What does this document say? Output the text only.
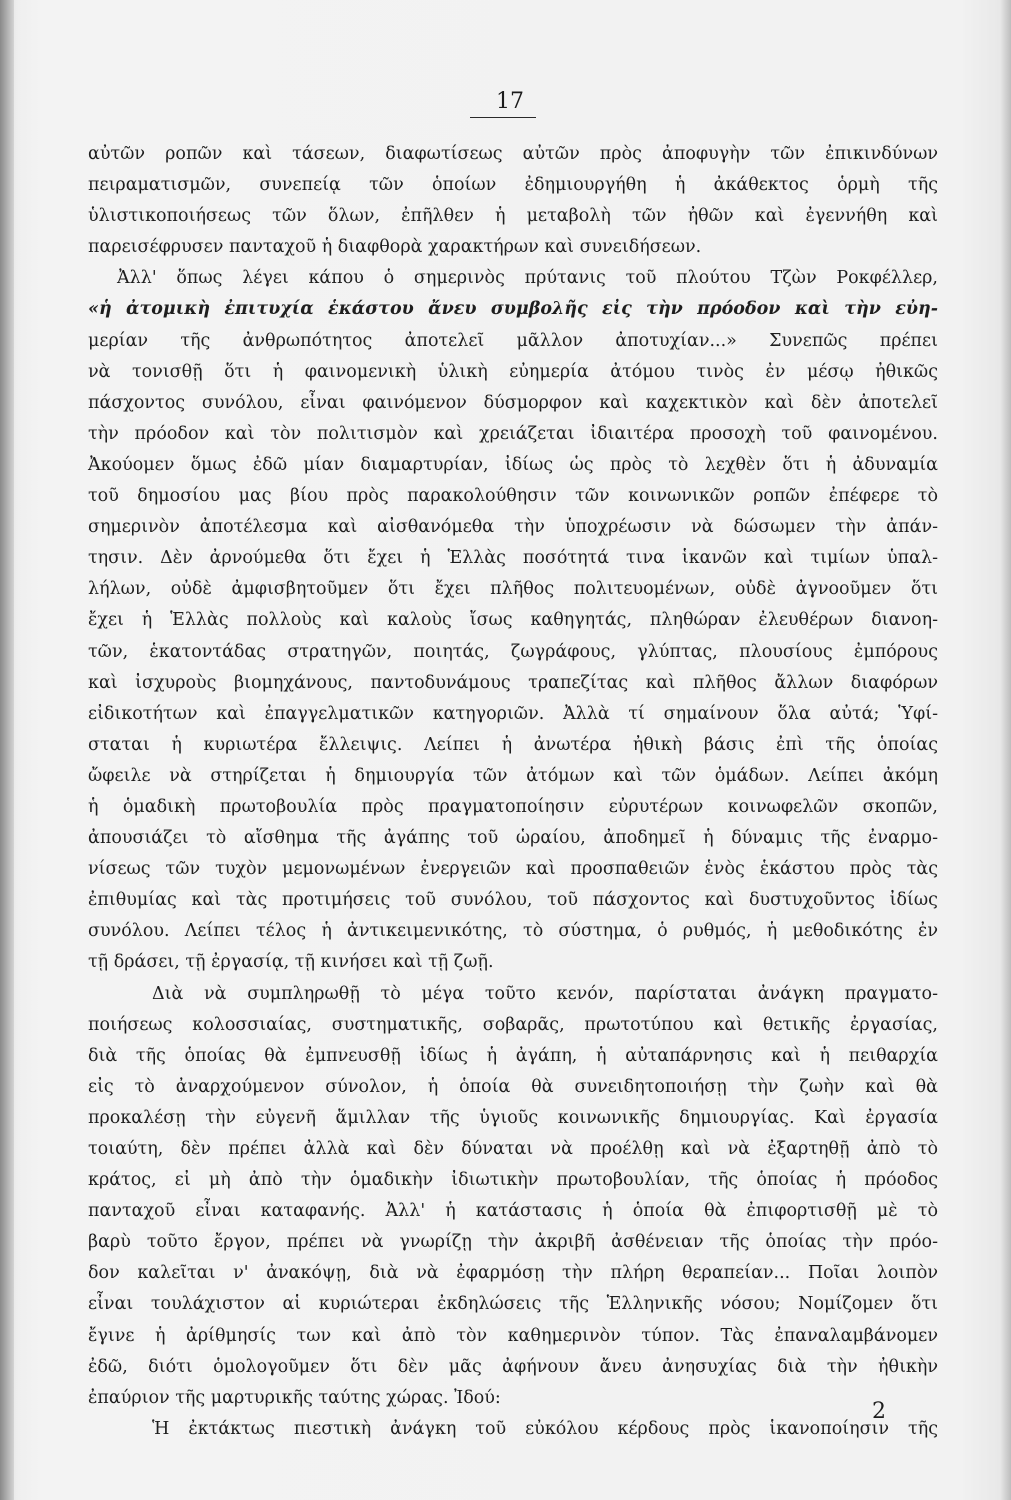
17
αὐτῶν ροπῶν καὶ τάσεων, διαφωτίσεως αὐτῶν πρὸς ἀποφυγὴν τῶν ἐπικινδύνων
πειραματισμῶν, συνεπείᾳ τῶν ὁποίων ἐδημιουργήθη ἡ ἀκάθεκτος ὁρμὴ τῆς
ὑλιστικοποιήσεως τῶν ὅλων, ἐπῆλθεν ἡ μεταβολὴ τῶν ἠθῶν καὶ ἐγεννήθη καὶ
παρεισέφρυσεν πανταχοῦ ἡ διαφθορὰ χαρακτήρων καὶ συνειδήσεων.
Ἀλλ' ὅπως λέγει κάπου ὁ σημερινὸς πρύτανις τοῦ πλούτου Τζὼν Ροκφέλλερ,
«ἡ ἀτομικὴ ἐπιτυχία ἑκάστου ἄνευ συμβολῆς εἰς τὴν πρόοδον καὶ τὴν εὐη-
μερίαν τῆς ἀνθρωπότητος ἀποτελεῖ μᾶλλον ἀποτυχίαν...» Συνεπῶς πρέπει
νὰ τονισθῇ ὅτι ἡ φαινομενικὴ ὑλικὴ εὐημερία ἀτόμου τινὸς ἐν μέσῳ ἠθικῶς
πάσχοντος συνόλου, εἶναι φαινόμενον δύσμορφον καὶ καχεκτικὸν καὶ δὲν ἀποτελεῖ
τὴν πρόοδον καὶ τὸν πολιτισμὸν καὶ χρειάζεται ἰδιαιτέρα προσοχὴ τοῦ φαινομένου.
Ἀκούομεν ὅμως ἐδῶ μίαν διαμαρτυρίαν, ἰδίως ὡς πρὸς τὸ λεχθὲν ὅτι ἡ ἀδυναμία
τοῦ δημοσίου μας βίου πρὸς παρακολούθησιν τῶν κοινωνικῶν ροπῶν ἐπέφερε τὸ
σημερινὸν ἀποτέλεσμα καὶ αἰσθανόμεθα τὴν ὑποχρέωσιν νὰ δώσωμεν τὴν ἀπάν-
τησιν. Δὲν ἀρνούμεθα ὅτι ἔχει ἡ Ἑλλὰς ποσότητά τινα ἱκανῶν καὶ τιμίων ὑπαλ-
λήλων, οὐδὲ ἀμφισβητοῦμεν ὅτι ἔχει πλῆθος πολιτευομένων, οὐδὲ ἀγνοοῦμεν ὅτι
ἔχει ἡ Ἑλλὰς πολλοὺς καὶ καλοὺς ἴσως καθηγητάς, πληθώραν ἐλευθέρων διανοη-
τῶν, ἑκατοντάδας στρατηγῶν, ποιητάς, ζωγράφους, γλύπτας, πλουσίους ἐμπόρους
καὶ ἰσχυροὺς βιομηχάνους, παντοδυνάμους τραπεζίτας καὶ πλῆθος ἄλλων διαφόρων
εἰδικοτήτων καὶ ἐπαγγελματικῶν κατηγοριῶν. Ἀλλὰ τί σημαίνουν ὅλα αὐτά; Ὑφί-
σταται ἡ κυριωτέρα ἔλλειψις. Λείπει ἡ ἀνωτέρα ἠθικὴ βάσις ἐπὶ τῆς ὁποίας
ὤφειλε νὰ στηρίζεται ἡ δημιουργία τῶν ἀτόμων καὶ τῶν ὁμάδων. Λείπει ἀκόμη
ἡ ὁμαδικὴ πρωτοβουλία πρὸς πραγματοποίησιν εὐρυτέρων κοινωφελῶν σκοπῶν,
ἀπουσιάζει τὸ αἴσθημα τῆς ἀγάπης τοῦ ὡραίου, ἀποδημεῖ ἡ δύναμις τῆς ἐναρμο-
νίσεως τῶν τυχὸν μεμονωμένων ἐνεργειῶν καὶ προσπαθειῶν ἑνὸς ἑκάστου πρὸς τὰς
ἐπιθυμίας καὶ τὰς προτιμήσεις τοῦ συνόλου, τοῦ πάσχοντος καὶ δυστυχοῦντος ἰδίως
συνόλου. Λείπει τέλος ἡ ἀντικειμενικότης, τὸ σύστημα, ὁ ρυθμός, ἡ μεθοδικότης ἐν
τῇ δράσει, τῇ ἐργασίᾳ, τῇ κινήσει καὶ τῇ ζωῇ.
Διὰ νὰ συμπληρωθῇ τὸ μέγα τοῦτο κενόν, παρίσταται ἀνάγκη πραγματο-
ποιήσεως κολοσσιαίας, συστηματικῆς, σοβαρᾶς, πρωτοτύπου καὶ θετικῆς ἐργασίας,
διὰ τῆς ὁποίας θὰ ἐμπνευσθῇ ἰδίως ἡ ἀγάπη, ἡ αὐταπάρνησις καὶ ἡ πειθαρχία
εἰς τὸ ἀναρχούμενον σύνολον, ἡ ὁποία θὰ συνειδητοποιήσῃ τὴν ζωὴν καὶ θὰ
προκαλέσῃ τὴν εὐγενῆ ἅμιλλαν τῆς ὑγιοῦς κοινωνικῆς δημιουργίας. Καὶ ἐργασία
τοιαύτη, δὲν πρέπει ἀλλὰ καὶ δὲν δύναται νὰ προέλθῃ καὶ νὰ ἐξαρτηθῇ ἀπὸ τὸ
κράτος, εἰ μὴ ἀπὸ τὴν ὁμαδικὴν ἰδιωτικὴν πρωτοβουλίαν, τῆς ὁποίας ἡ πρόοδος
πανταχοῦ εἶναι καταφανής. Ἀλλ' ἡ κατάστασις ἡ ὁποία θὰ ἐπιφορτισθῇ μὲ τὸ
βαρὺ τοῦτο ἔργον, πρέπει νὰ γνωρίζῃ τὴν ἀκριβῆ ἀσθένειαν τῆς ὁποίας τὴν πρόο-
δον καλεῖται ν' ἀνακόψῃ, διὰ νὰ ἐφαρμόσῃ τὴν πλήρη θεραπείαν... Ποῖαι λοιπὸν
εἶναι τουλάχιστον αἱ κυριώτεραι ἐκδηλώσεις τῆς Ἑλληνικῆς νόσου; Νομίζομεν ὅτι
ἔγινε ἡ ἀρίθμησίς των καὶ ἀπὸ τὸν καθημερινὸν τύπον. Τὰς ἐπαναλαμβάνομεν
ἐδῶ, διότι ὁμολογοῦμεν ὅτι δὲν μᾶς ἀφήνουν ἄνευ ἀνησυχίας διὰ τὴν ἠθικὴν
ἐπαύριον τῆς μαρτυρικῆς ταύτης χώρας. Ἰδού:
Ἡ ἐκτάκτως πιεστικὴ ἀνάγκη τοῦ εὐκόλου κέρδους πρὸς ἱκανοποίησιν τῆς
2
